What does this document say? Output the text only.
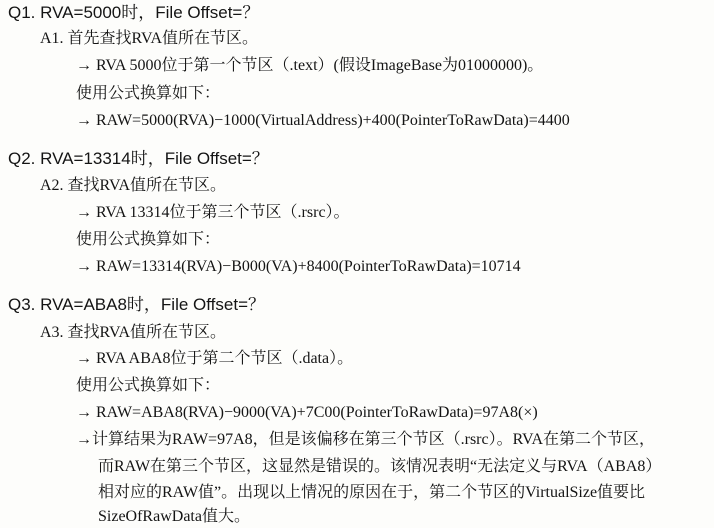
Q1. RVA=5000时，File Offset=？
A1. 首先查找RVA值所在节区。
→ RVA 5000位于第一个节区（.text）(假设ImageBase为01000000)。
使用公式换算如下：
→ RAW=5000(RVA)−1000(VirtualAddress)+400(PointerToRawData)=4400
Q2. RVA=13314时，File Offset=？
A2. 查找RVA值所在节区。
→ RVA 13314位于第三个节区（.rsrc）。
使用公式换算如下：
→ RAW=13314(RVA)−B000(VA)+8400(PointerToRawData)=10714
Q3. RVA=ABA8时，File Offset=？
A3. 查找RVA值所在节区。
→ RVA ABA8位于第二个节区（.data）。
使用公式换算如下：
→ RAW=ABA8(RVA)−9000(VA)+7C00(PointerToRawData)=97A8(×)
→计算结果为RAW=97A8，但是该偏移在第三个节区（.rsrc）。RVA在第二个节区，
而RAW在第三个节区，这显然是错误的。该情况表明“无法定义与RVA（ABA8）
相对应的RAW值”。出现以上情况的原因在于，第二个节区的VirtualSize值要比
SizeOfRawData值大。
